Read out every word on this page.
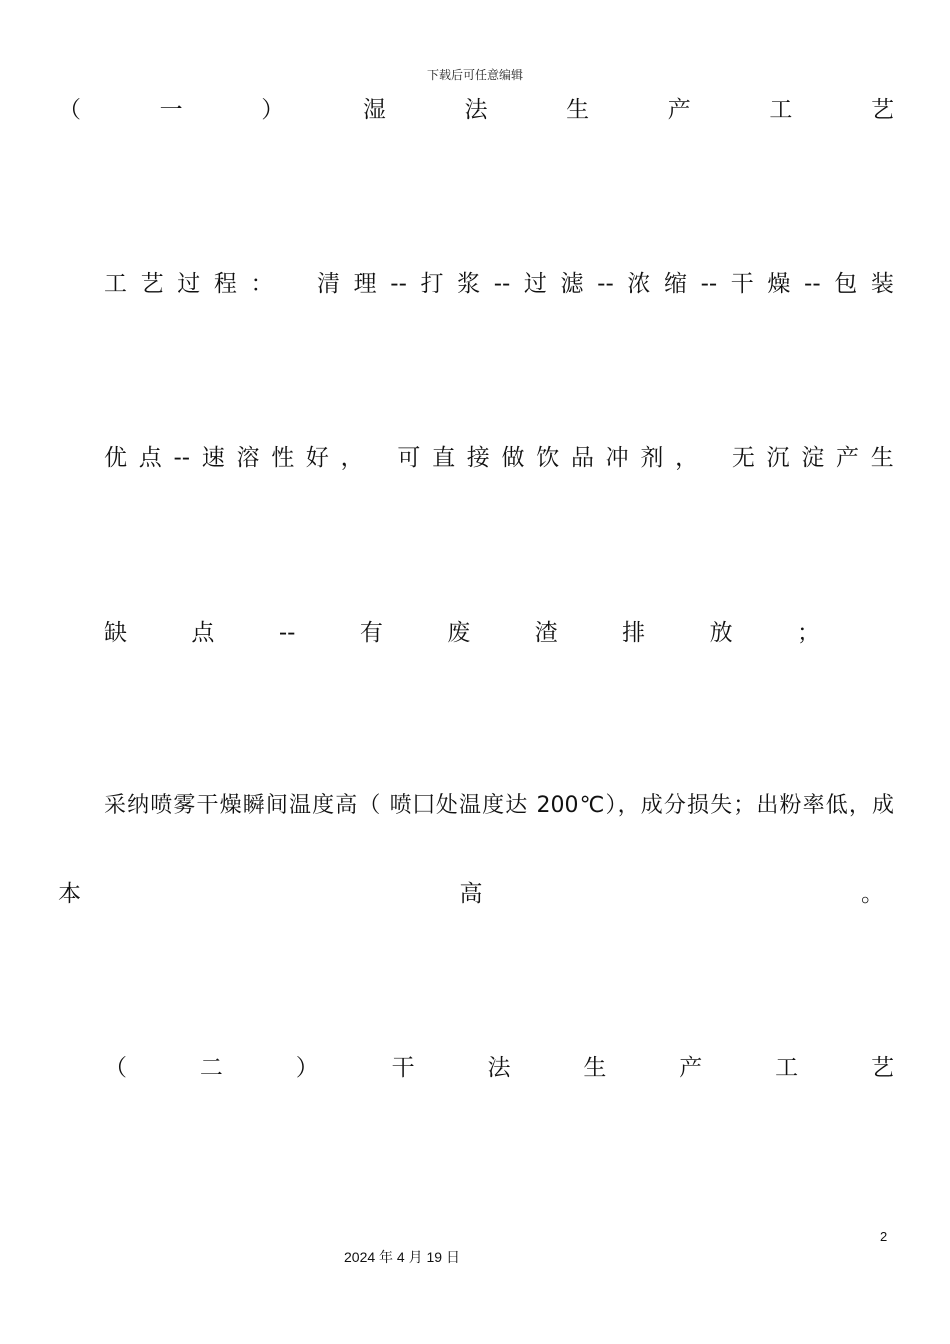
下载后可任意编辑
（	一	）	湿	法	生	产	工	艺
工 艺 过 程 ： 清 理 -- 打 浆 -- 过 滤 -- 浓 缩 -- 干 燥 -- 包 装
优 点 -- 速 溶 性 好 ， 可 直 接 做 饮 品 冲 剂 ， 无 沉 淀 产 生
缺	点	--	有	废	渣	排	放	；
采纳喷雾干燥瞬间温度高（ 喷囗处温度达 200℃），成分损失；出粉率低，成
本	高	。
（	二	）	干	法	生	产	工	艺
2
2024 年 4 月 19 日
